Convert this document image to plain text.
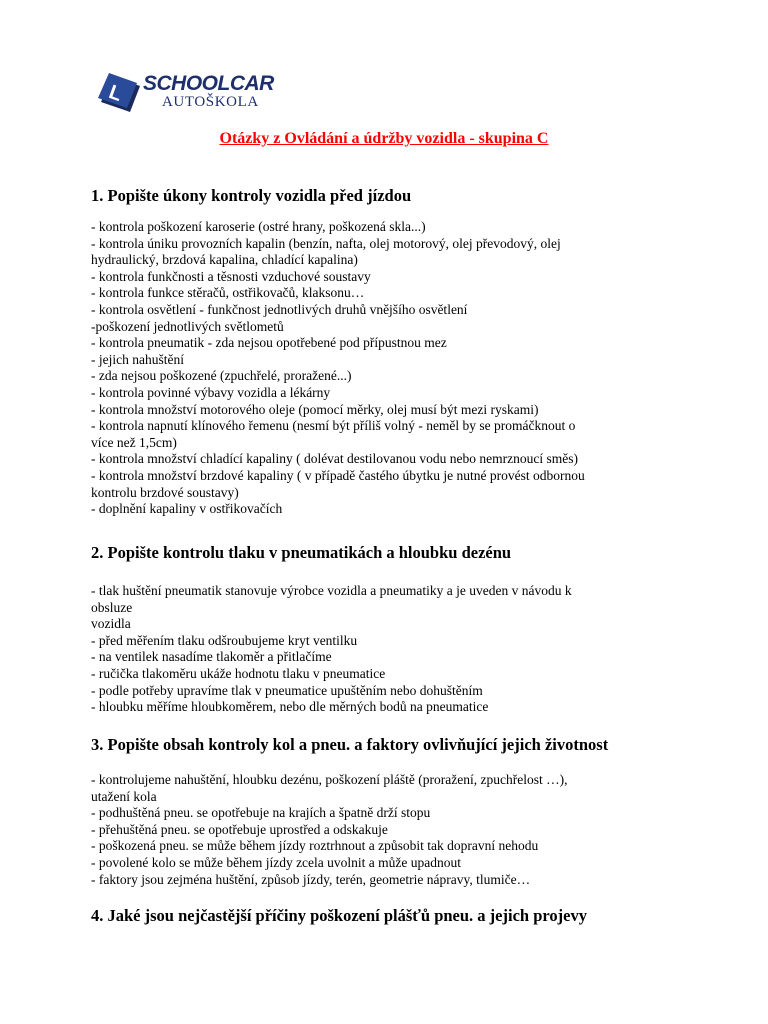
L SCHOOLCAR
AUTOŠKOLA
Otázky z Ovládání a údržby vozidla - skupina C
1. Popište úkony kontroly vozidla před jízdou
- kontrola poškození karoserie (ostré hrany, poškozená skla...)
- kontrola úniku provozních kapalin (benzín, nafta, olej motorový, olej převodový, olej
hydraulický, brzdová kapalina, chladící kapalina)
- kontrola funkčnosti a těsnosti vzduchové soustavy
- kontrola funkce stěračů, ostřikovačů, klaksonu…
- kontrola osvětlení - funkčnost jednotlivých druhů vnějšího osvětlení
-poškození jednotlivých světlometů
- kontrola pneumatik - zda nejsou opotřebené pod přípustnou mez
- jejich nahuštění
- zda nejsou poškozené (zpuchřelé, proražené...)
- kontrola povinné výbavy vozidla a lékárny
- kontrola množství motorového oleje (pomocí měrky, olej musí být mezi ryskami)
- kontrola napnutí klínového řemenu (nesmí být příliš volný - neměl by se promáčknout o
více než 1,5cm)
- kontrola množství chladící kapaliny ( dolévat destilovanou vodu nebo nemrznoucí směs)
- kontrola množství brzdové kapaliny ( v případě častého úbytku je nutné provést odbornou
kontrolu brzdové soustavy)
- doplnění kapaliny v ostřikovačích
2. Popište kontrolu tlaku v pneumatikách a hloubku dezénu
- tlak huštění pneumatik stanovuje výrobce vozidla a pneumatiky a je uveden v návodu k
obsluze
vozidla
- před měřením tlaku odšroubujeme kryt ventilku
- na ventilek nasadíme tlakoměr a přitlačíme
- ručička tlakoměru ukáže hodnotu tlaku v pneumatice
- podle potřeby upravíme tlak v pneumatice upuštěním nebo dohuštěním
- hloubku měříme hloubkoměrem, nebo dle měrných bodů na pneumatice
3. Popište obsah kontroly kol a pneu. a faktory ovlivňující jejich životnost
- kontrolujeme nahuštění, hloubku dezénu, poškození pláště (proražení, zpuchřelost …),
utažení kola
- podhuštěná pneu. se opotřebuje na krajích a špatně drží stopu
- přehuštěná pneu. se opotřebuje uprostřed a odskakuje
- poškozená pneu. se může během jízdy roztrhnout a způsobit tak dopravní nehodu
- povolené kolo se může během jízdy zcela uvolnit a může upadnout
- faktory jsou zejména huštění, způsob jízdy, terén, geometrie nápravy, tlumiče…
4. Jaké jsou nejčastější příčiny poškození plášťů pneu. a jejich projevy
